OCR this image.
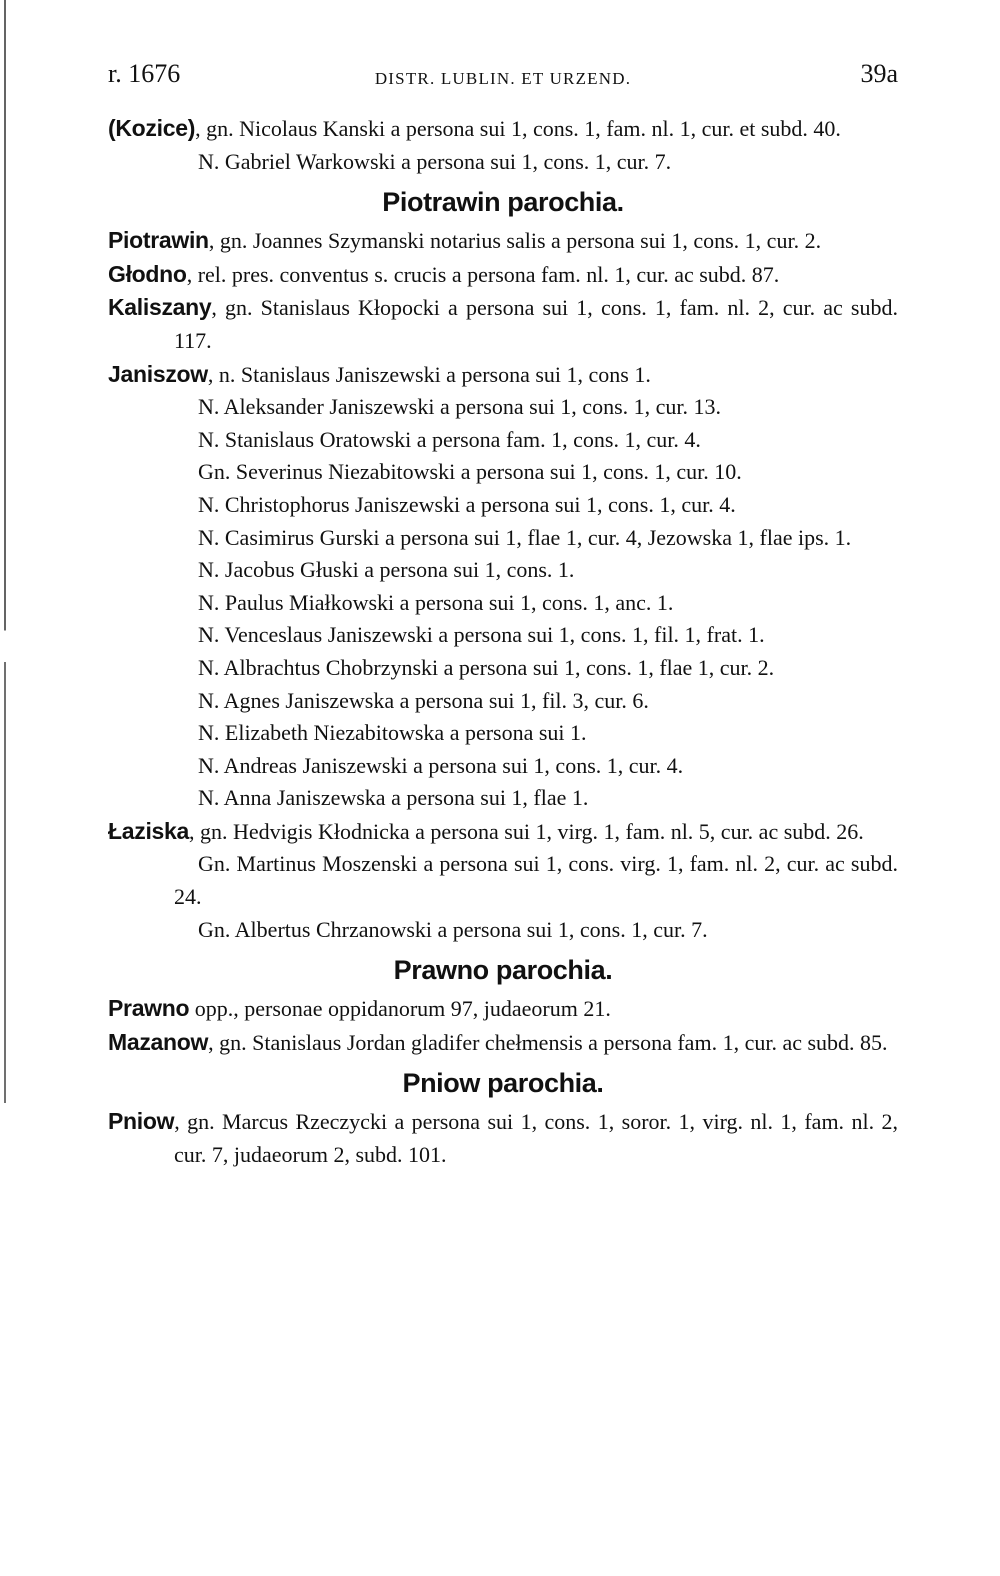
r. 1676	DISTR. LUBLIN. ET URZEND.	39a
(Kozice), gn. Nicolaus Kanski a persona sui 1, cons. 1, fam. nl. 1, cur. et subd. 40.
N. Gabriel Warkowski a persona sui 1, cons. 1, cur. 7.
Piotrawin parochia.
Piotrawin, gn. Joannes Szymanski notarius salis a persona sui 1, cons. 1, cur. 2.
Głodno, rel. pres. conventus s. crucis a persona fam. nl. 1, cur. ac subd. 87.
Kaliszany, gn. Stanislaus Kłopocki a persona sui 1, cons. 1, fam. nl. 2, cur. ac subd. 117.
Janiszow, n. Stanislaus Janiszewski a persona sui 1, cons 1.
N. Aleksander Janiszewski a persona sui 1, cons. 1, cur. 13.
N. Stanislaus Oratowski a persona fam. 1, cons. 1, cur. 4.
Gn. Severinus Niezabitowski a persona sui 1, cons. 1, cur. 10.
N. Christophorus Janiszewski a persona sui 1, cons. 1, cur. 4.
N. Casimirus Gurski a persona sui 1, flae 1, cur. 4, Jezowska 1, flae ips. 1.
N. Jacobus Głuski a persona sui 1, cons. 1.
N. Paulus Miałkowski a persona sui 1, cons. 1, anc. 1.
N. Venceslaus Janiszewski a persona sui 1, cons. 1, fil. 1, frat. 1.
N. Albrachtus Chobrzynski a persona sui 1, cons. 1, flae 1, cur. 2.
N. Agnes Janiszewska a persona sui 1, fil. 3, cur. 6.
N. Elizabeth Niezabitowska a persona sui 1.
N. Andreas Janiszewski a persona sui 1, cons. 1, cur. 4.
N. Anna Janiszewska a persona sui 1, flae 1.
Łaziska, gn. Hedvigis Kłodnicka a persona sui 1, virg. 1, fam. nl. 5, cur. ac subd. 26.
Gn. Martinus Moszenski a persona sui 1, cons. virg. 1, fam. nl. 2, cur. ac subd. 24.
Gn. Albertus Chrzanowski a persona sui 1, cons. 1, cur. 7.
Prawno parochia.
Prawno opp., personae oppidanorum 97, judaeorum 21.
Mazanow, gn. Stanislaus Jordan gladifer chełmensis a persona fam. 1, cur. ac subd. 85.
Pniow parochia.
Pniow, gn. Marcus Rzeczycki a persona sui 1, cons. 1, soror. 1, virg. nl. 1, fam. nl. 2, cur. 7, judaeorum 2, subd. 101.
